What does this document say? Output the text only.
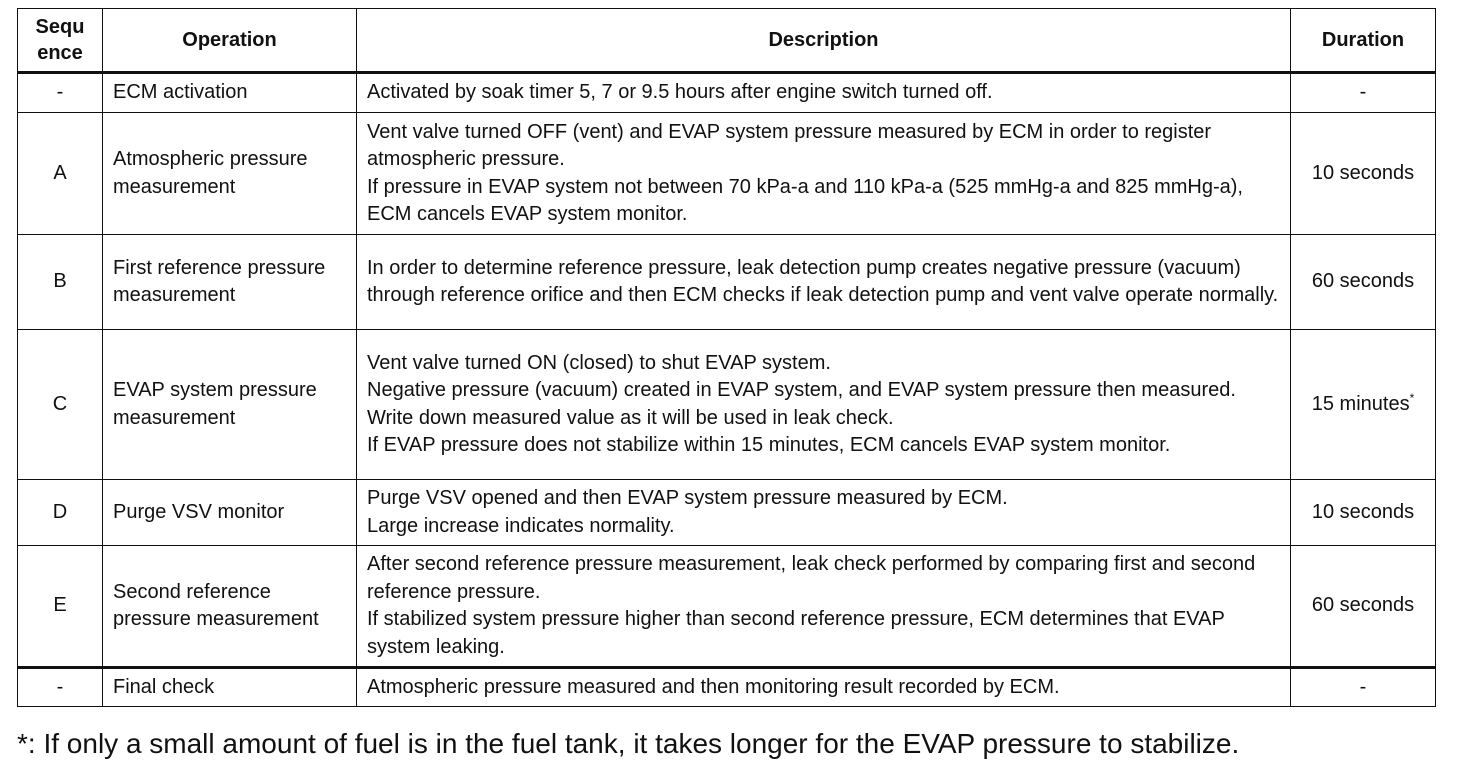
Sequ
ence	Operation	Description	Duration
-	ECM activation	Activated by soak timer 5, 7 or 9.5 hours after engine switch turned off.	-
A	Atmospheric pressure measurement	Vent valve turned OFF (vent) and EVAP system pressure measured by ECM in order to register atmospheric pressure.
If pressure in EVAP system not between 70 kPa-a and 110 kPa-a (525 mmHg-a and 825 mmHg-a), ECM cancels EVAP system monitor.	10 seconds
B	First reference pressure measurement	In order to determine reference pressure, leak detection pump creates negative pressure (vacuum) through reference orifice and then ECM checks if leak detection pump and vent valve operate normally.	60 seconds
C	EVAP system pressure measurement	Vent valve turned ON (closed) to shut EVAP system.
Negative pressure (vacuum) created in EVAP system, and EVAP system pressure then measured.
Write down measured value as it will be used in leak check.
If EVAP pressure does not stabilize within 15 minutes, ECM cancels EVAP system monitor.	15 minutes*
D	Purge VSV monitor	Purge VSV opened and then EVAP system pressure measured by ECM.
Large increase indicates normality.	10 seconds
E	Second reference pressure measurement	After second reference pressure measurement, leak check performed by comparing first and second reference pressure.
If stabilized system pressure higher than second reference pressure, ECM determines that EVAP system leaking.	60 seconds
-	Final check	Atmospheric pressure measured and then monitoring result recorded by ECM.	-
*: If only a small amount of fuel is in the fuel tank, it takes longer for the EVAP pressure to stabilize.
